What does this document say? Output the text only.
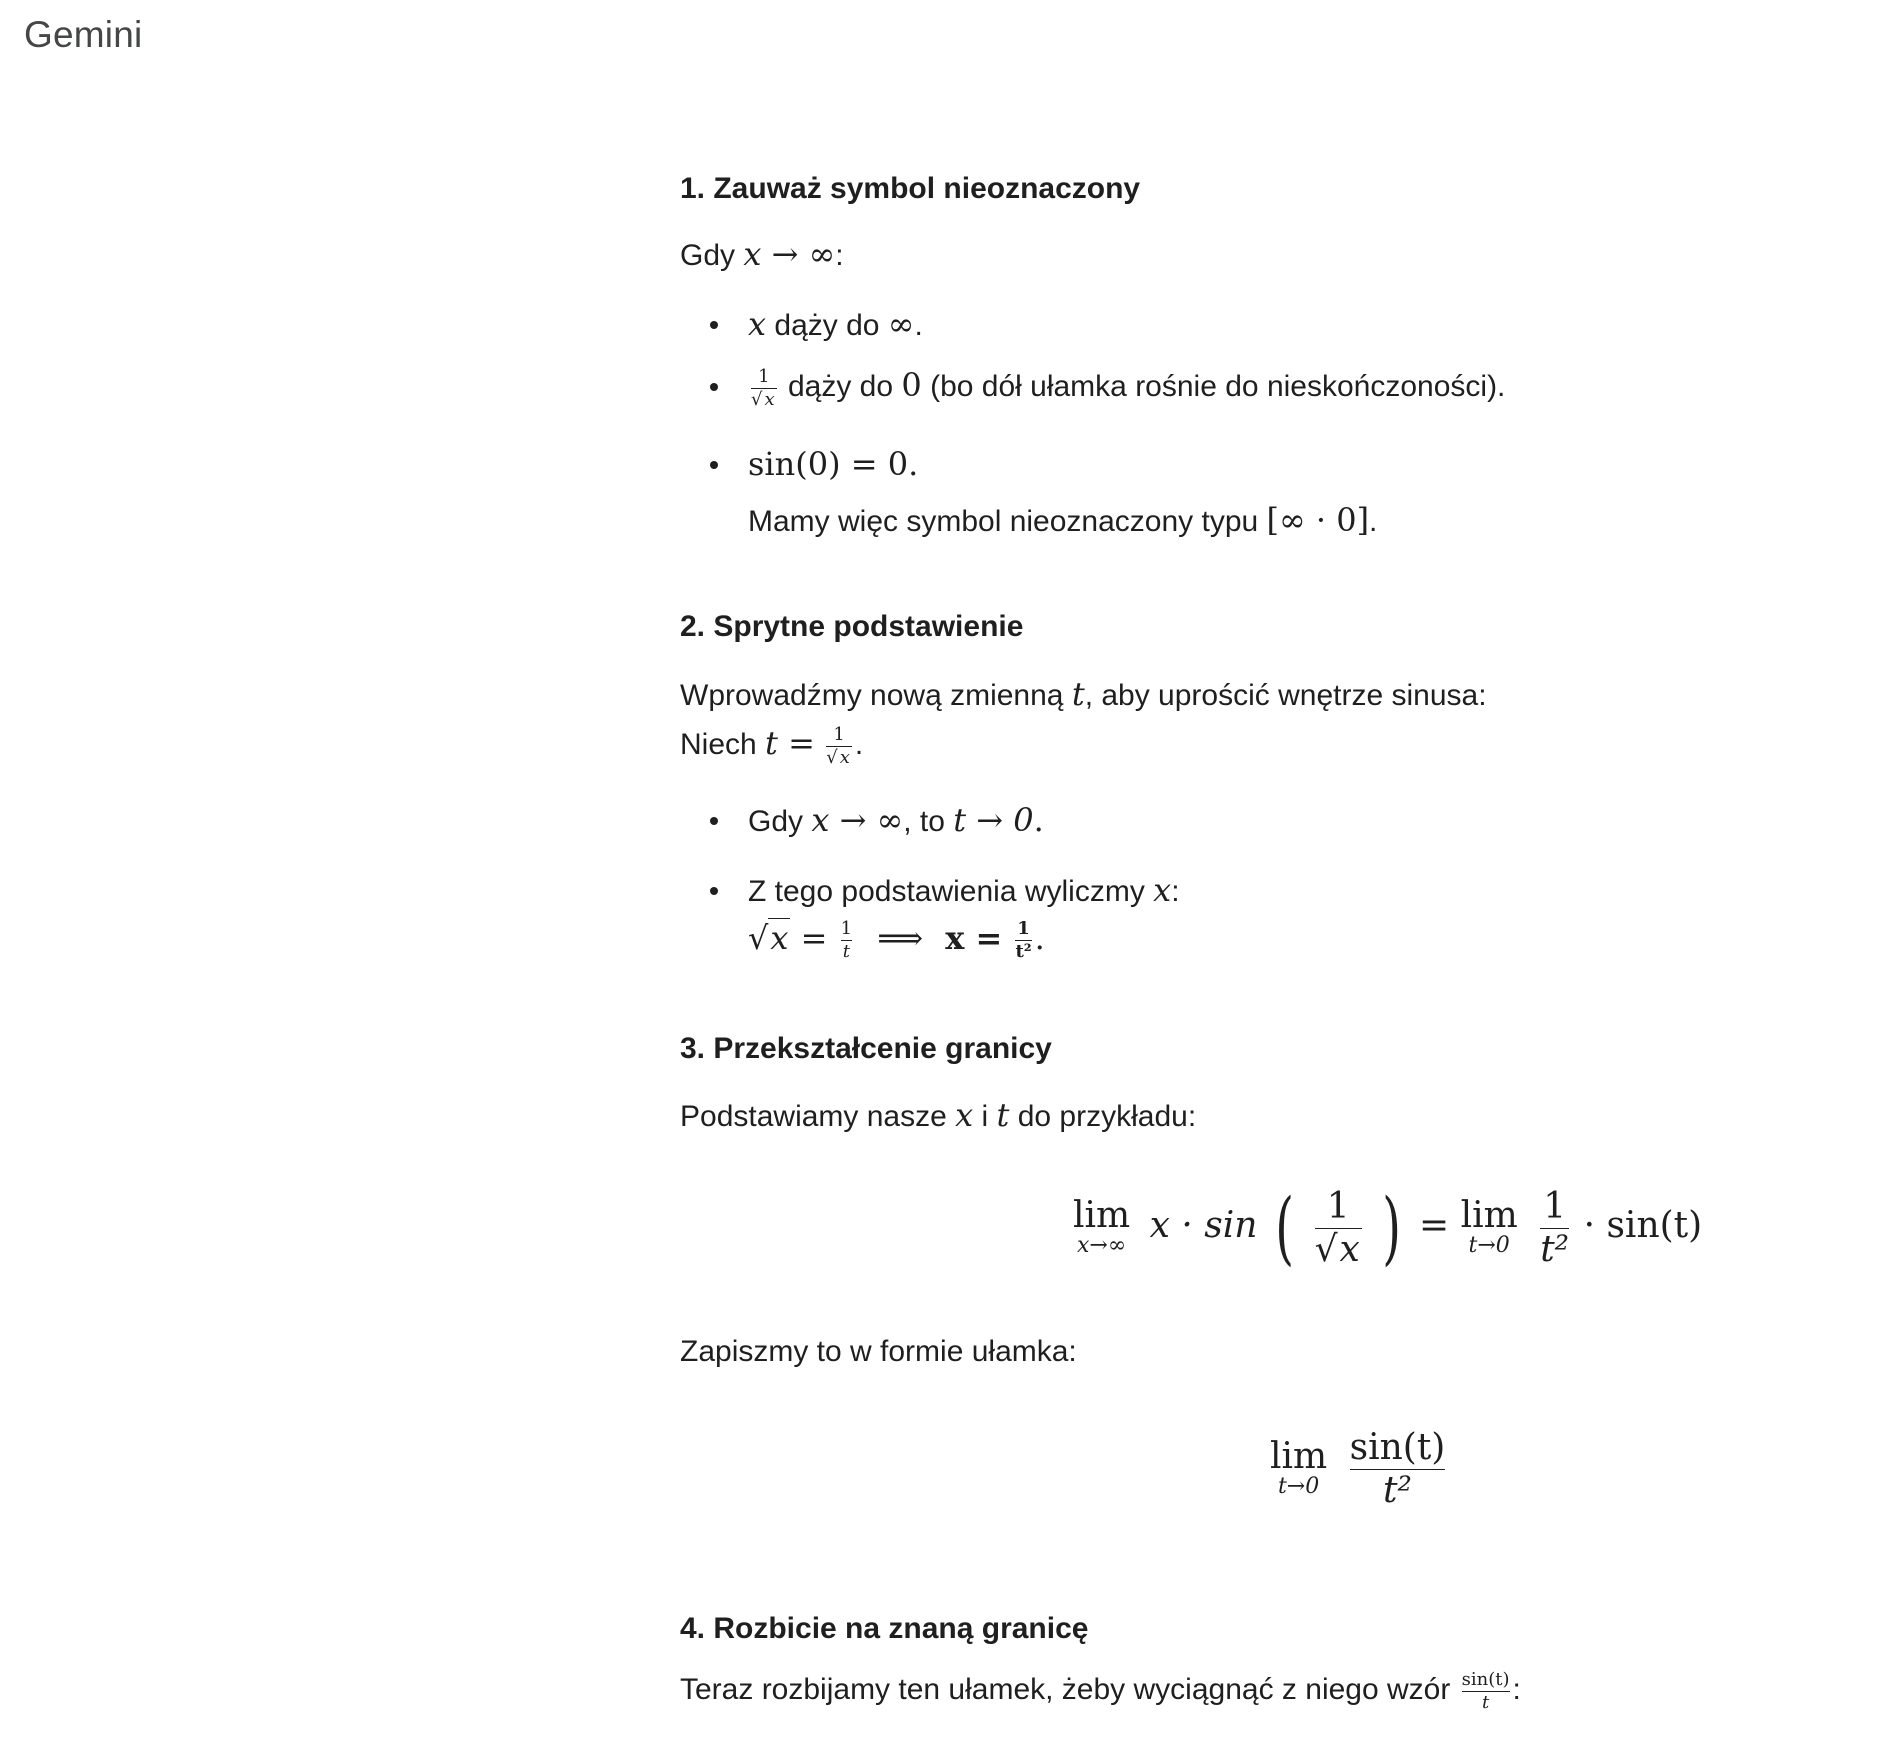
Gemini
1. Zauważ symbol nieoznaczony
Gdy x → ∞:
x dąży do ∞.
$\frac{1}{√ x}$ dąży do 0 (bo dół ułamka rośnie do nieskończoności).
sin(0) = 0.
Mamy więc symbol nieoznaczony typu [∞ · 0].
2. Sprytne podstawienie
Wprowadźmy nową zmienną t, aby uprościć wnętrze sinusa:
Niech $t = \frac{1}{√ x}$ .
Gdy x → ∞, to t → 0.
Z tego podstawienia wyliczmy x:
$√x = \frac{1}{t}$ ⟹ $x = \frac{1}{\text{t²}}$ .
3. Przekształcenie granicy
Podstawiamy nasze x i t do przykładu:
lim
x→∞ x · sin ( $\frac{1}{√x}$ ) = lim
t→0
$\frac{1}{\text{t²}} \cdot \sin(t)$
Zapiszmy to w formie ułamka:
lim
t→0
$\frac{\sin(t)}{\text{t²}}$
4. Rozbicie na znaną granicę
Teraz rozbijamy ten ułamek, żeby wyciągnąć z niego wzór $\frac{\sin(t)}{t}$ :
